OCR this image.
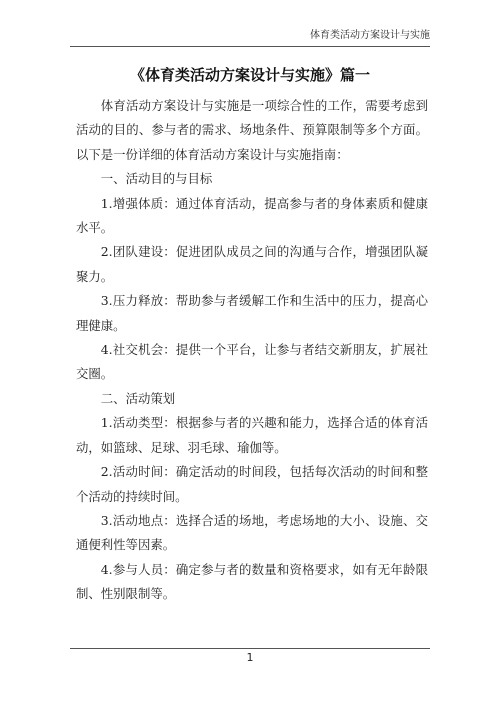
体育类活动方案设计与实施
《体育类活动方案设计与实施》篇一

体育活动方案设计与实施是一项综合性的工作，需要考虑到活动的目的、参与者的需求、场地条件、预算限制等多个方面。以下是一份详细的体育活动方案设计与实施指南：

一、活动目的与目标

1.增强体质：通过体育活动，提高参与者的身体素质和健康水平。

2.团队建设：促进团队成员之间的沟通与合作，增强团队凝聚力。

3.压力释放：帮助参与者缓解工作和生活中的压力，提高心理健康。

4.社交机会：提供一个平台，让参与者结交新朋友，扩展社交圈。

二、活动策划

1.活动类型：根据参与者的兴趣和能力，选择合适的体育活动，如篮球、足球、羽毛球、瑜伽等。

2.活动时间：确定活动的时间段，包括每次活动的时间和整个活动的持续时间。

3.活动地点：选择合适的场地，考虑场地的大小、设施、交通便利性等因素。

4.参与人员：确定参与者的数量和资格要求，如有无年龄限制、性别限制等。

1
